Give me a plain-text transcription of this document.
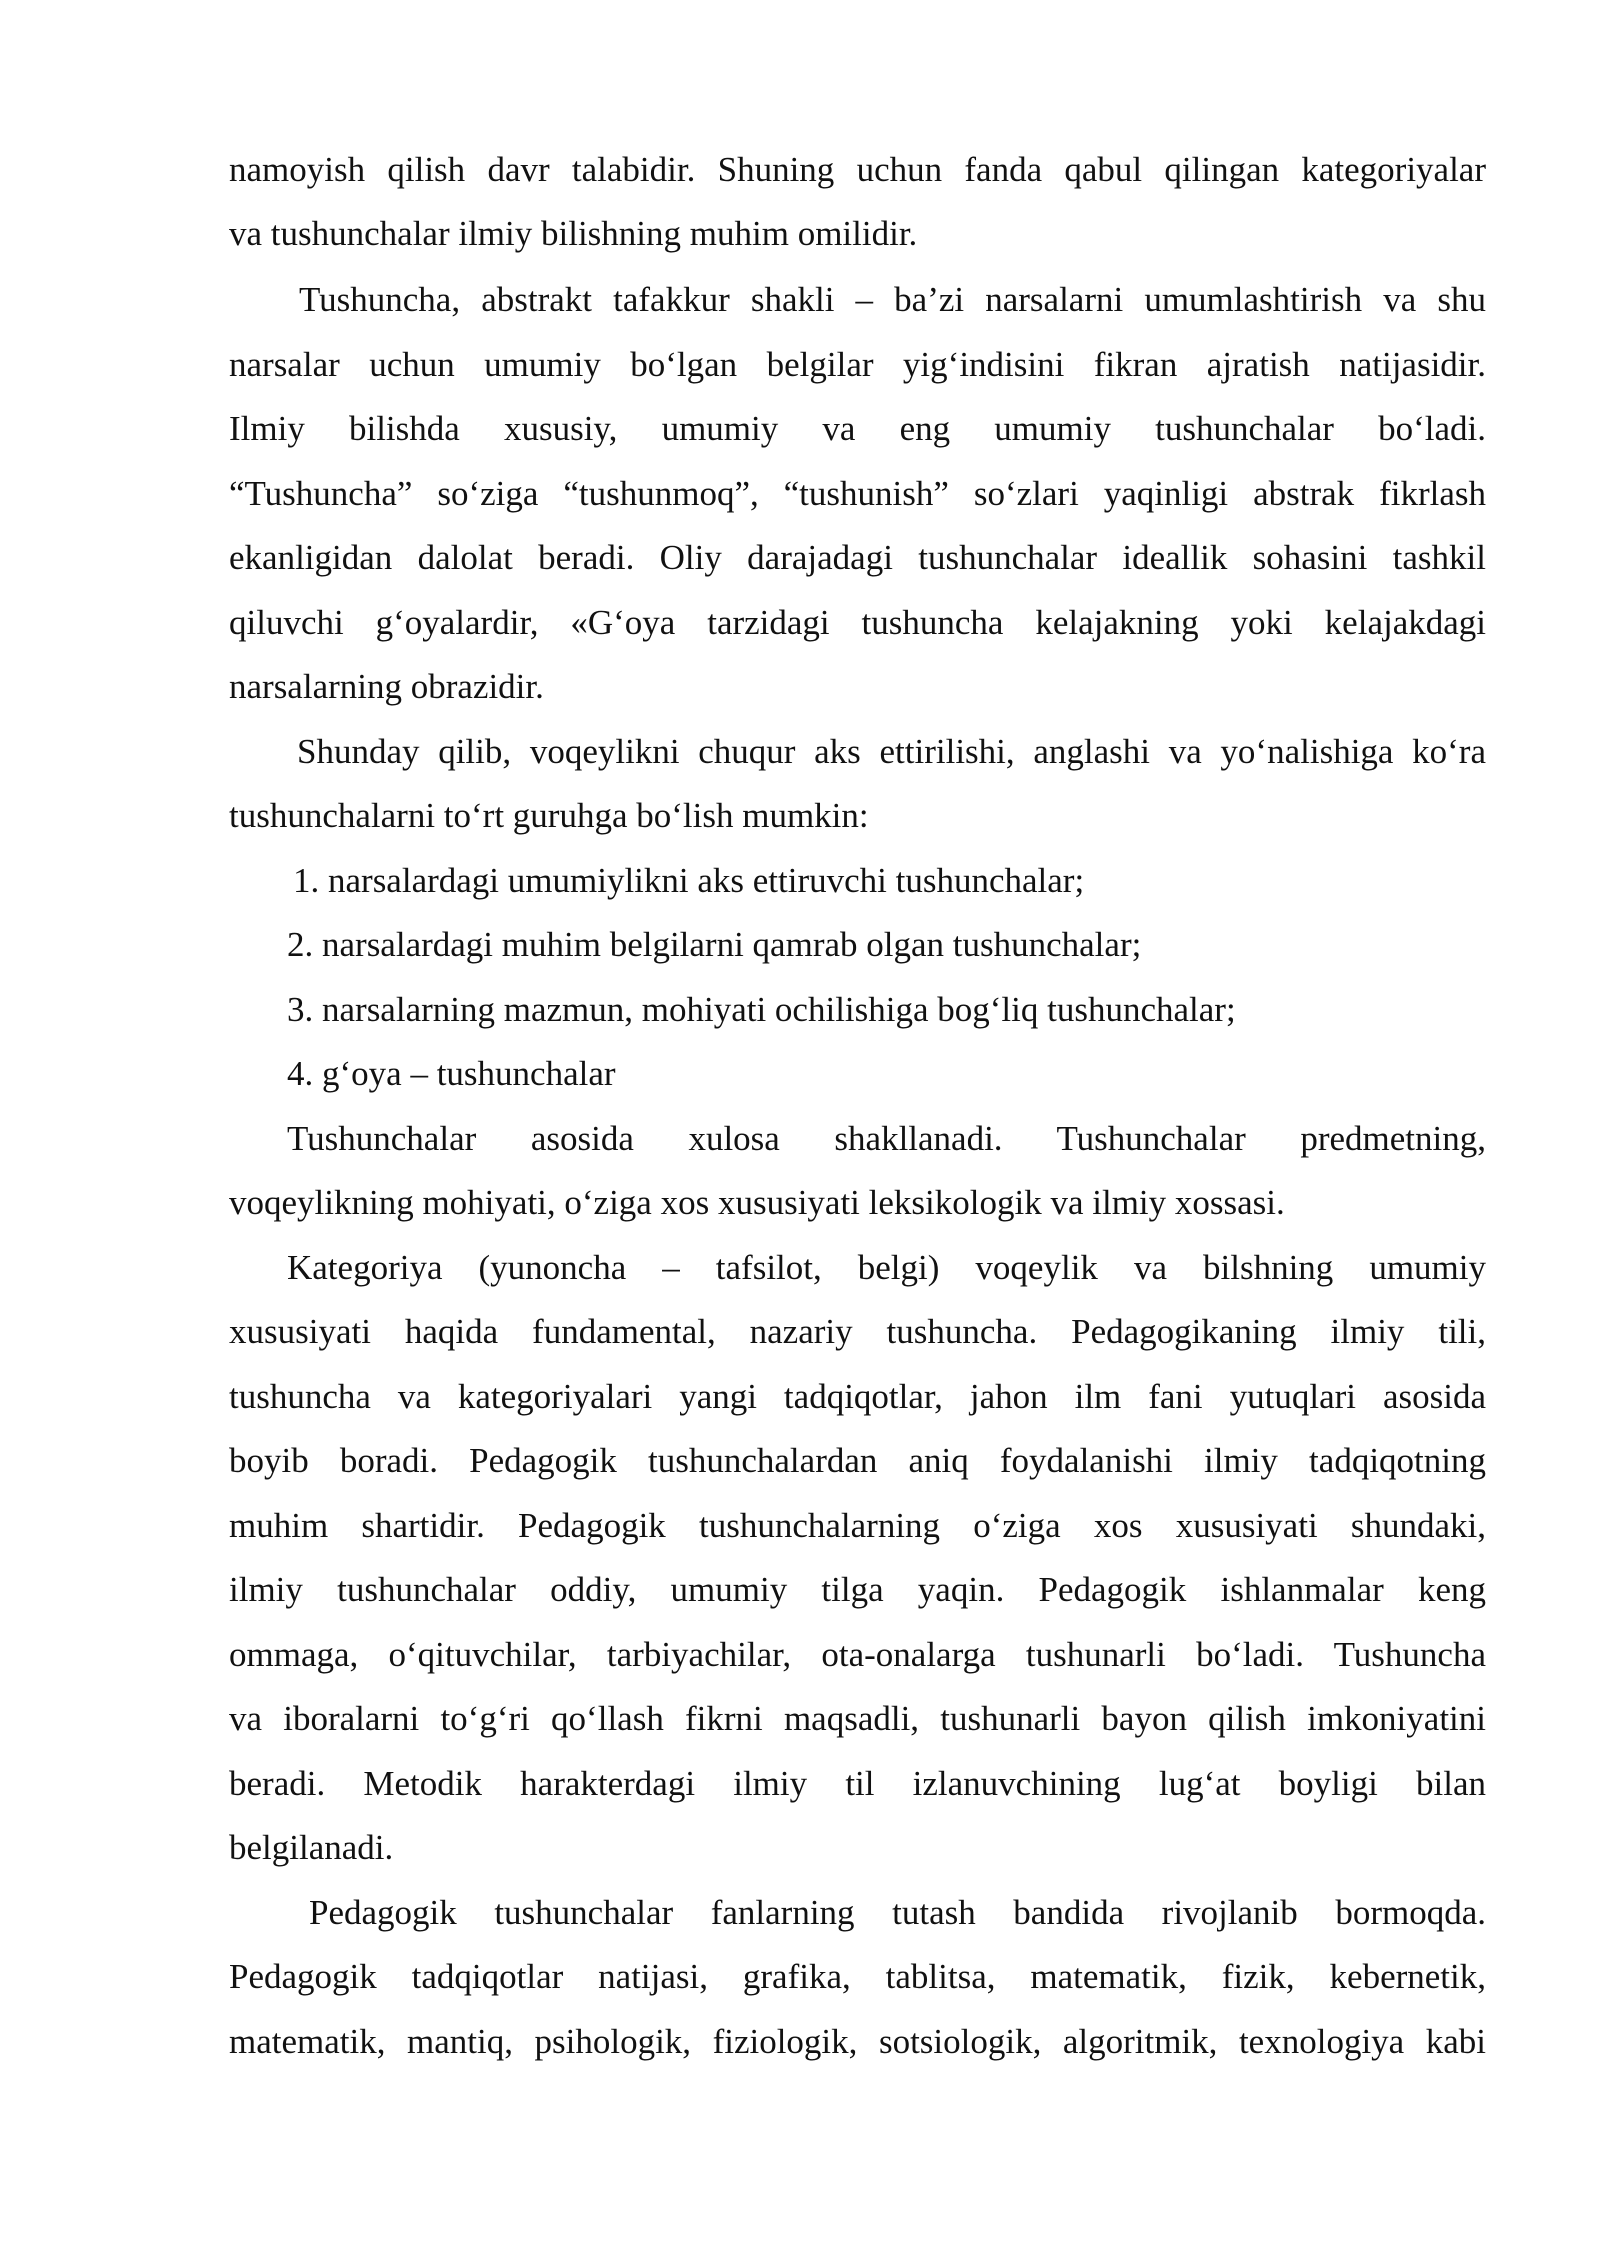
namoyish qilish davr talabidir. Shuning uchun fanda qabul qilingan kategoriyalar
va tushunchalar ilmiy bilishning muhim omilidir.
Tushuncha, abstrakt tafakkur shakli – ba’zi narsalarni umumlashtirish va shu
narsalar uchun umumiy bo‘lgan belgilar yig‘indisini fikran ajratish natijasidir.
Ilmiy bilishda xususiy, umumiy va eng umumiy tushunchalar bo‘ladi.
“Tushuncha” so‘ziga “tushunmoq”, “tushunish” so‘zlari yaqinligi abstrak fikrlash
ekanligidan dalolat beradi. Oliy darajadagi tushunchalar ideallik sohasini tashkil
qiluvchi g‘oyalardir, «G‘oya tarzidagi tushuncha kelajakning yoki kelajakdagi
narsalarning obrazidir.
Shunday qilib, voqeylikni chuqur aks ettirilishi, anglashi va yo‘nalishiga ko‘ra
tushunchalarni to‘rt guruhga bo‘lish mumkin:
1. narsalardagi umumiylikni aks ettiruvchi tushunchalar;
2. narsalardagi muhim belgilarni qamrab olgan tushunchalar;
3. narsalarning mazmun, mohiyati ochilishiga bog‘liq tushunchalar;
4. g‘oya – tushunchalar
Tushunchalar asosida xulosa shakllanadi. Tushunchalar predmetning,
voqeylikning mohiyati, o‘ziga xos xususiyati leksikologik va ilmiy xossasi.
Kategoriya (yunoncha – tafsilot, belgi) voqeylik va bilshning umumiy
xususiyati haqida fundamental, nazariy tushuncha. Pedagogikaning ilmiy tili,
tushuncha va kategoriyalari yangi tadqiqotlar, jahon ilm fani yutuqlari asosida
boyib boradi. Pedagogik tushunchalardan aniq foydalanishi ilmiy tadqiqotning
muhim shartidir. Pedagogik tushunchalarning o‘ziga xos xususiyati shundaki,
ilmiy tushunchalar oddiy, umumiy tilga yaqin. Pedagogik ishlanmalar keng
ommaga, o‘qituvchilar, tarbiyachilar, ota-onalarga tushunarli bo‘ladi. Tushuncha
va iboralarni to‘g‘ri qo‘llash fikrni maqsadli, tushunarli bayon qilish imkoniyatini
beradi. Metodik harakterdagi ilmiy til izlanuvchining lug‘at boyligi bilan
belgilanadi.
Pedagogik tushunchalar fanlarning tutash bandida rivojlanib bormoqda.
Pedagogik tadqiqotlar natijasi, grafika, tablitsa, matematik, fizik, kebernetik,
matematik, mantiq, psihologik, fiziologik, sotsiologik, algoritmik, texnologiya kabi
